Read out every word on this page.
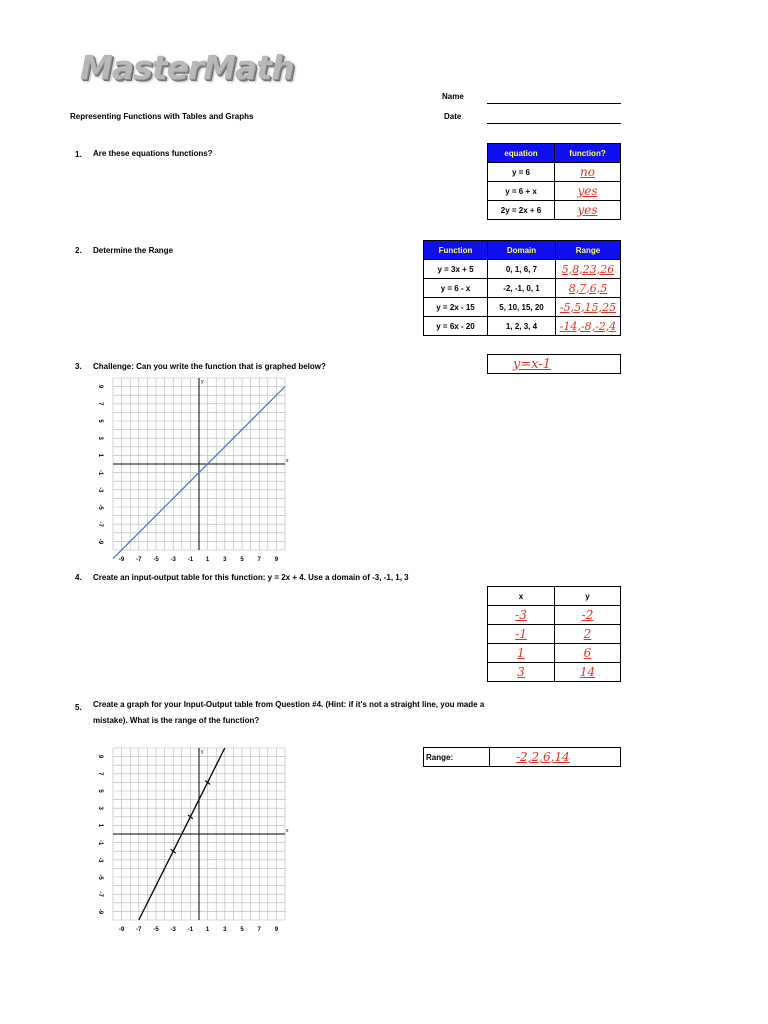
MasterMath
Name
Representing Functions with Tables and Graphs	Date
1. Are these equations functions?	equation	function?
y = 6	no
y = 6 + x	yes
2y = 2x + 6	yes
2. Determine the Range	Function	Domain	Range
y = 3x + 5	0, 1, 6, 7	5,8,23,26
y = 6 - x	-2, -1, 0, 1	8,7,6,5
y = 2x - 15	5, 10, 15, 20	-5,5,15,25
y = 6x - 20	1, 2, 3, 4	-14,-8,-2,4
3. Challenge: Can you write the function that is graphed below?	y=x-1
x
y
-9 -7 -5 -3 -1 1 3 5 7 9
9
7
5
3
1
-1
-3
-5
-7
-9
4. Create an input-output table for this function: y = 2x + 4. Use a domain of -3, -1, 1, 3
x	y
-3	-2
-1	2
1	6
3	14
5. Create a graph for your Input-Output table from Question #4. (Hint: if it's not a straight line, you made a
mistake). What is the range of the function?
Range:	-2,2,6,14
x
y
-9 -7 -5 -3 -1 1 3 5 7 9
9
7
5
3
1
-1
-3
-5
-7
-9
